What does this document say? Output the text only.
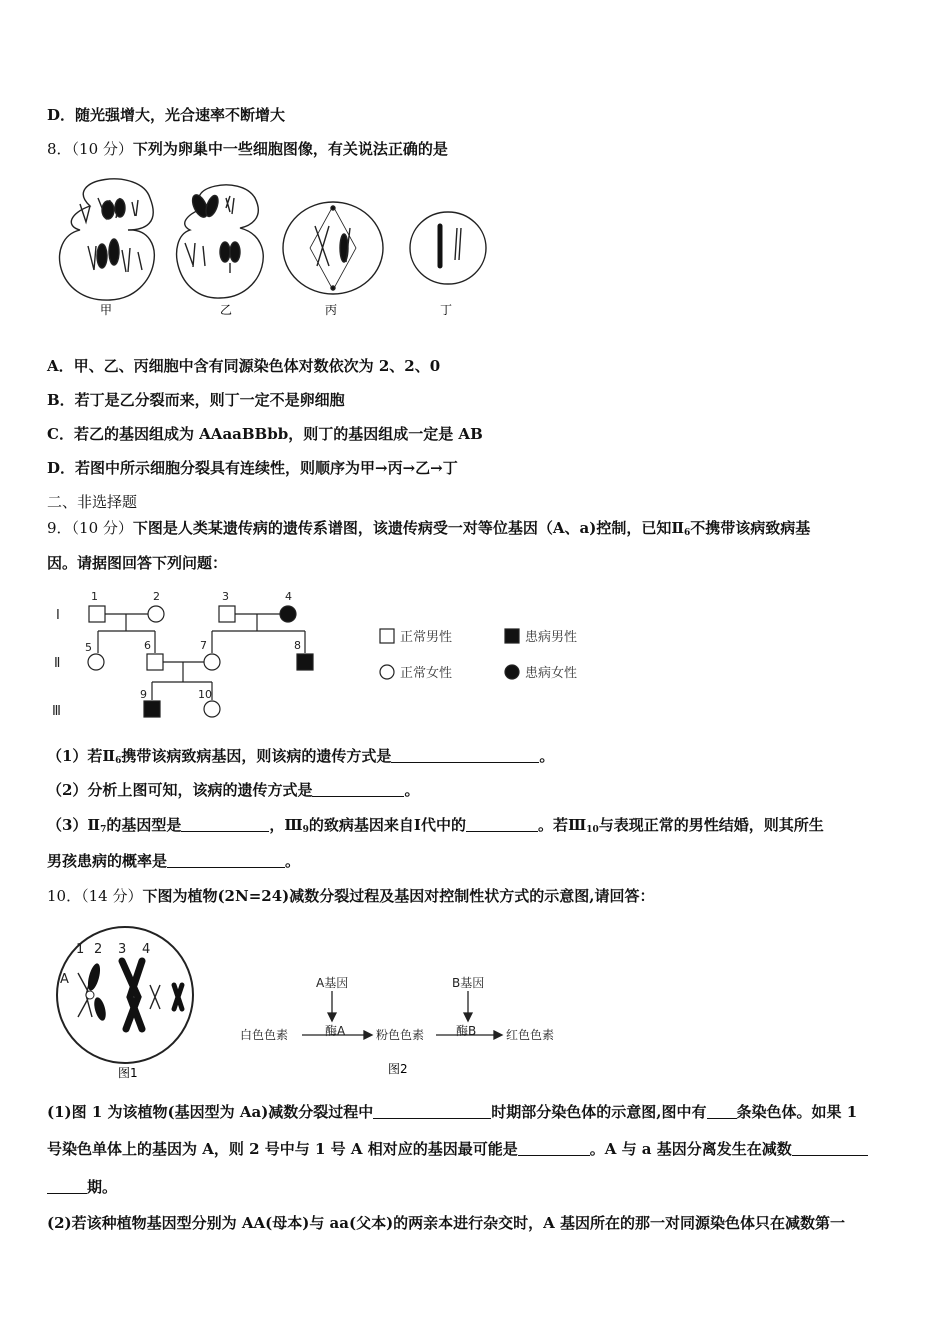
D．随光强增大，光合速率不断增大
8．（10 分）下列为卵巢中一些细胞图像，有关说法正确的是
甲	乙	丙	丁
A．甲、乙、丙细胞中含有同源染色体对数依次为 2、2、0
B．若丁是乙分裂而来，则丁一定不是卵细胞
C．若乙的基因组成为 AAaaBBbb，则丁的基因组成一定是 AB
D．若图中所示细胞分裂具有连续性，则顺序为甲→丙→乙→丁
二、非选择题
9．（10 分）下图是人类某遗传病的遗传系谱图，该遗传病受一对等位基因（A、a)控制，已知$Ⅱ_6$不携带该病致病基
因。请据图回答下列问题：
Ⅰ
Ⅱ
Ⅲ
1	2	3	4
5	6	7	8
9	10
正常男性	患病男性
正常女性	患病女性
（1）若$Ⅱ_6$携带该病致病基因，则该病的遗传方式是	。
（2）分析上图可知，该病的遗传方式是	。
$(3)Ⅱ_7$的基因型是	，$Ⅲ_9$的致病基因来自Ⅰ代中的	。若$Ⅲ_{10}$与表现正常的男性结婚，则其所生
男孩患病的概率是	。
10．（14 分）下图为植物(2N=24)减数分裂过程及基因对控制性状方式的示意图,请回答：
1 2 3 4
A
图1
A基因	B基因
酶A	酶B
白色色素	粉色色素	红色色素
图2
(1)图 1 为该植物(基因型为 Aa)减数分裂过程中	时期部分染色体的示意图,图中有 条染色体。如果 1
号染色单体上的基因为 A，则 2 号中与 1 号 A 相对应的基因最可能是	。A 与 a 基因分离发生在减数
期。
(2)若该种植物基因型分别为 AA(母本)与 aa(父本)的两亲本进行杂交时，A 基因所在的那一对同源染色体只在减数第一
